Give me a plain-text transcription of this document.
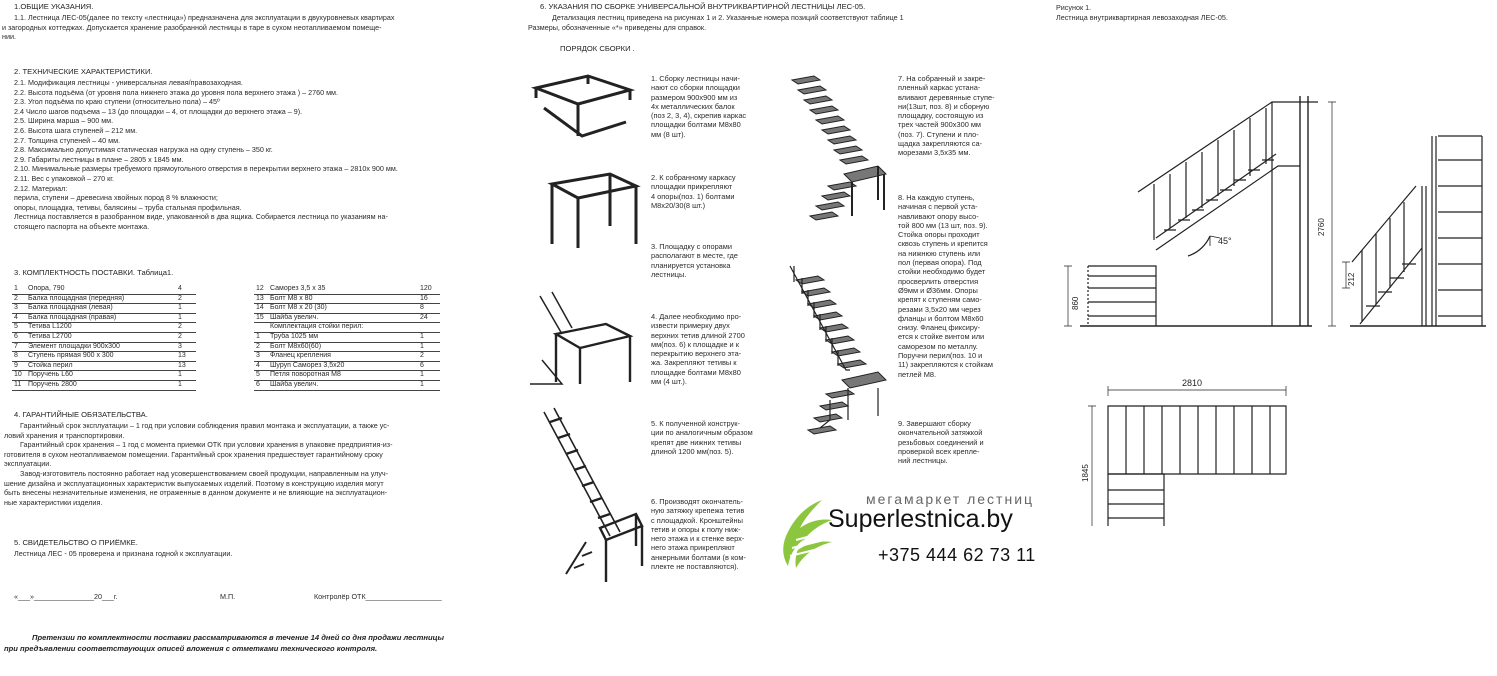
1.ОБЩИЕ УКАЗАНИЯ.
1.1. Лестница ЛЕС-05(далее по тексту «лестница») предназначена для эксплуатации в двухуровневых квартирах
и загородных коттеджах. Допускается хранение разобранной лестницы в таре в сухом неотапливаемом помеще-
нии.
2. ТЕХНИЧЕСКИЕ ХАРАКТЕРИСТИКИ.
2.1. Модификация лестницы - универсальная левая/правозаходная.
2.2. Высота подъёма (от уровня пола нижнего этажа до уровня пола верхнего этажа ) – 2760 мм.
2.3. Угол подъёма по краю ступени (относительно пола) – 45º
2.4 Число шагов подъема – 13 (до площадки – 4, от площадки до верхнего этажа – 9).
2.5. Ширина марша – 900 мм.
2.6. Высота шага ступеней – 212 мм.
2.7. Толщина ступеней – 40 мм.
2.8. Максимально допустимая статическая нагрузка на одну ступень – 350 кг.
2.9. Габариты лестницы в плане – 2805 х 1845 мм.
2.10. Минимальные размеры требуемого прямоугольного отверстия в перекрытии верхнего этажа – 2810х 900 мм.
2.11. Вес с упаковкой – 270 кг.
2.12. Материал:
перила, ступени – древесина хвойных пород 8 % влажности;
опоры, площадка, тетивы, балясины – труба стальная профильная.
Лестница поставляется в разобранном виде, упакованной в два ящика. Собирается лестница по указаниям на-
стоящего паспорта на объекте монтажа.
3. КОМПЛЕКТНОСТЬ ПОСТАВКИ. Таблица1.
1	Опора, 790	4
2	Балка площадная (передняя)	2
3	Балка площадная (левая)	1
4	Балка площадная (правая)	1
5	Тетива L1200	2
6	Тетива L2700	2
7	Элемент площадки 900х300	3
8	Ступень прямая 900 х 300	13
9	Стойка перил	13
10	Поручень L60	1
11	Поручень 2800	1
12	Саморез 3,5 х 35	120
13	Болт М8 х 80	16
14	Болт М8 х 20 (30)	8
15	Шайба увелич.	24
	Комплектация стойки перил:	
1	Труба 1025 мм	1
2	Болт М8х60(60)	1
3	Фланец крепления	2
4	Шуруп Саморез 3,5х20	6
5	Петля поворотная М8	1
6	Шайба увелич.	1
4. ГАРАНТИЙНЫЕ ОБЯЗАТЕЛЬСТВА.
Гарантийный срок эксплуатации – 1 год при условии соблюдения правил монтажа и эксплуатации, а также ус-
ловий хранения и транспортировки.
Гарантийный срок хранения – 1 год с момента приемки ОТК при условии хранения в упаковке предприятия-из-
готовителя в сухом неотапливаемом помещении. Гарантийный срок хранения предшествует гарантийному сроку
эксплуатации.
Завод-изготовитель постоянно работает над усовершенствованием своей продукции, направленным на улуч-
шение дизайна и эксплуатационных характеристик выпускаемых изделий. Поэтому в конструкцию изделия могут
быть внесены незначительные изменения, не отраженные в данном документе и не влияющие на эксплуатацион-
ные характеристики изделия.
5. СВИДЕТЕЛЬСТВО О ПРИЁМКЕ.
Лестница ЛЕС - 05 проверена и признана годной к эксплуатации.
«___»_______________20___г.	М.П.	Контролёр ОТК___________________
Претензии по комплектности поставки рассматриваются в течение 14 дней со дня продажи лестницы
при предъявлении соответствующих описей вложения с отметками технического контроля.
6. УКАЗАНИЯ ПО СБОРКЕ УНИВЕРСАЛЬНОЙ ВНУТРИКВАРТИРНОЙ ЛЕСТНИЦЫ ЛЕС-05.
Детализация лестниц приведена на рисунках 1 и 2. Указанные номера позиций соответствуют таблице 1
Размеры, обозначенные «*» приведены для справок.
ПОРЯДОК СБОРКИ .
1. Сборку лестницы начи-
нают со сборки площадки
размером 900х900 мм из
4х металлических балок
(поз 2, 3, 4), скрепив каркас
площадки болтами М8х80
мм (8 шт).
2. К собранному каркасу
площадки прикрепляют
4 опоры(поз. 1) болтами
М8х20/30(8 шт.)
3. Площадку с опорами
располагают в месте, где
планируется установка
лестницы.
4. Далее необходимо про-
извести примерку двух
верхних тетив длиной 2700
мм(поз. 6) к площадке и к
перекрытию верхнего эта-
жа. Закрепляют тетивы к
площадке болтами М8х80
мм (4 шт.).
5. К полученной конструк-
ции по аналогичным образом
крепят две нижних тетивы
длиной 1200 мм(поз. 5).
6. Производят окончатель-
ную затяжку крепежа тетив
с площадкой. Кронштейны
тетив и опоры к полу ниж-
него этажа и к стенке верх-
него этажа прикрепляют
анкерными болтами (в ком-
плекте не поставляются).
7. На собранный и закре-
пленный каркас устана-
вливают деревянные ступе-
ни(13шт, поз. 8) и сборную
площадку, состоящую из
трех частей 900х300 мм
(поз. 7). Ступени и пло-
щадка закрепляются са-
морезами 3,5х35 мм.
8. На каждую ступень,
начиная с первой уста-
навливают опору высо-
той 800 мм (13 шт, поз. 9).
Стойка опоры проходит
сквозь ступень и крепится
на нижнюю ступень или
пол (первая опора). Под
стойки необходимо будет
просверлить отверстия
Ø9мм и Ø36мм. Опоры
крепят к ступеням само-
резами 3,5х20 мм через
фланцы и болтом М8х60
снизу. Фланец фиксиру-
ется к стойке винтом или
саморезом по металлу.
Поручни перил(поз. 10 и
11) закрепляются к стойкам
петлей М8.
9. Завершают сборку
окончательной затяжкой
резьбовых соединений и
проверкой всех крепле-
ний лестницы.
мегамаркет лестниц
Superlestnica.by
+375 444 62 73 11
Рисунок 1.
Лестница внутриквартирная левозаходная ЛЕС-05.
45°
860
2760
212
2810
1845
